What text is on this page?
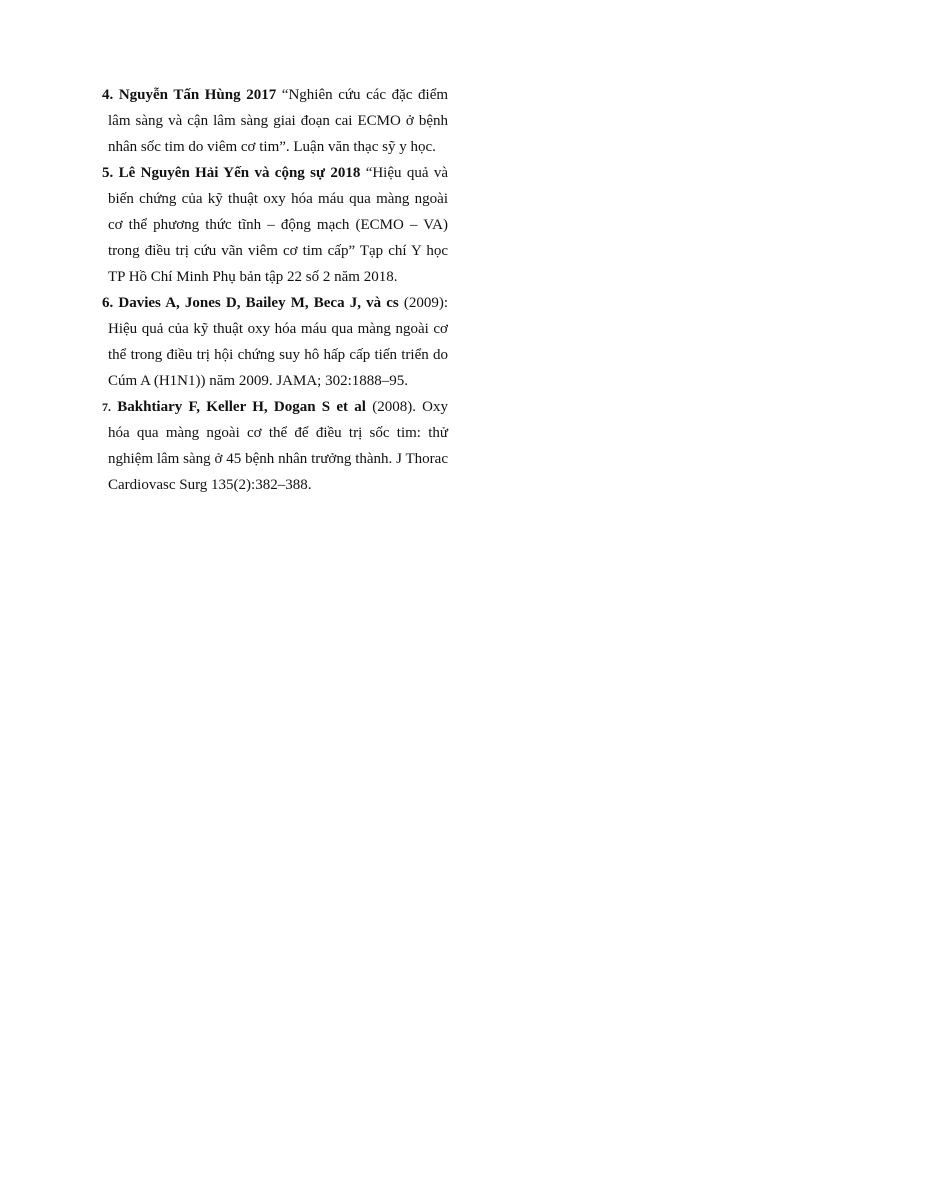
4. Nguyễn Tấn Hùng 2017 “Nghiên cứu các đặc điểm lâm sàng và cận lâm sàng giai đoạn cai ECMO ở bệnh nhân sốc tim do viêm cơ tim”. Luận văn thạc sỹ y học.
5. Lê Nguyên Hải Yến và cộng sự 2018 “Hiệu quả và biến chứng của kỹ thuật oxy hóa máu qua màng ngoài cơ thể phương thức tĩnh – động mạch (ECMO – VA) trong điều trị cứu vãn viêm cơ tim cấp” Tạp chí Y học TP Hồ Chí Minh Phụ bản tập 22 số 2 năm 2018.
6. Davies A, Jones D, Bailey M, Beca J, và cs (2009): Hiệu quả của kỹ thuật oxy hóa máu qua màng ngoài cơ thể trong điều trị hội chứng suy hô hấp cấp tiến triển do Cúm A (H1N1)) năm 2009. JAMA; 302:1888–95.
7. Bakhtiary F, Keller H, Dogan S et al (2008). Oxy hóa qua màng ngoài cơ thể để điều trị sốc tim: thử nghiệm lâm sàng ở 45 bệnh nhân trưởng thành. J Thorac Cardiovasc Surg 135(2):382–388.
